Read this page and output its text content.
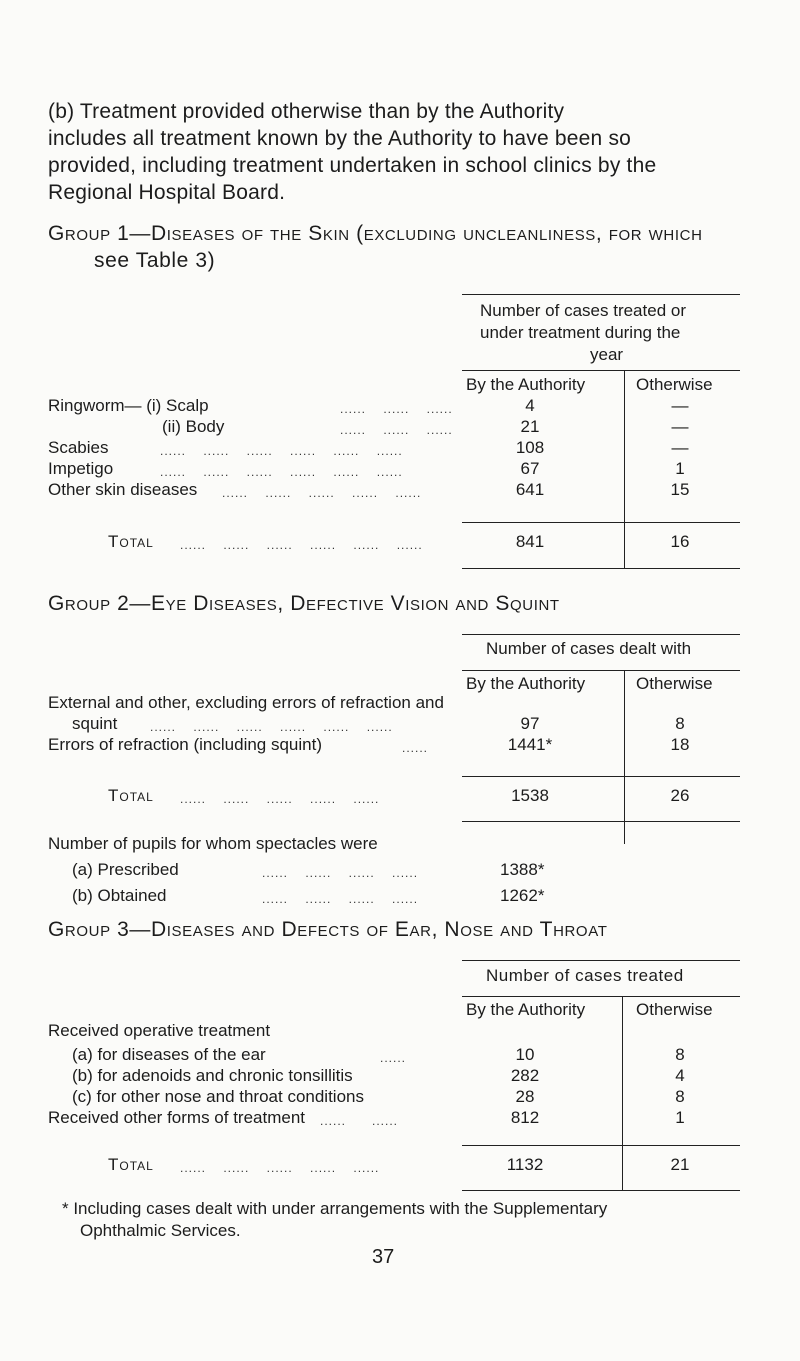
(b) Treatment provided otherwise than by the Authority
includes all treatment known by the Authority to have been so
provided, including treatment undertaken in school clinics by the
Regional Hospital Board.
Group 1—Diseases of the Skin (excluding uncleanliness, for which
see Table 3)
Number of cases treated or
under treatment during the
year
By the Authority	Otherwise
Ringworm— (i) Scalp	......    ......    ......	4	—
(ii) Body	......    ......    ......	21	—
Scabies	......    ......    ......    ......    ......    ......	108	—
Impetigo	......    ......    ......    ......    ......    ......	67	1
Other skin diseases ......    ......    ......    ......    ......	641	15
Total ......    ......    ......    ......    ......    ......	841	16
Group 2—Eye Diseases, Defective Vision and Squint
Number of cases dealt with
By the Authority	Otherwise
External and other, excluding errors of refraction and
squint	......    ......    ......    ......    ......    ......	97	8
Errors of refraction (including squint)	......	1441*	18
Total ......    ......    ......    ......    ......	1538	26
Number of pupils for whom spectacles were
(a) Prescribed	......    ......    ......    ......	1388*
(b) Obtained	......    ......    ......    ......	1262*
Group 3—Diseases and Defects of Ear, Nose and Throat
Number of cases treated
By the Authority	Otherwise
Received operative treatment
(a) for diseases of the ear	......	10	8
(b) for adenoids and chronic tonsillitis	282	4
(c) for other nose and throat conditions	28	8
Received other forms of treatment ......      ......	812	1
Total ......    ......    ......    ......    ......	1132	21
* Including cases dealt with under arrangements with the Supplementary
Ophthalmic Services.
37
